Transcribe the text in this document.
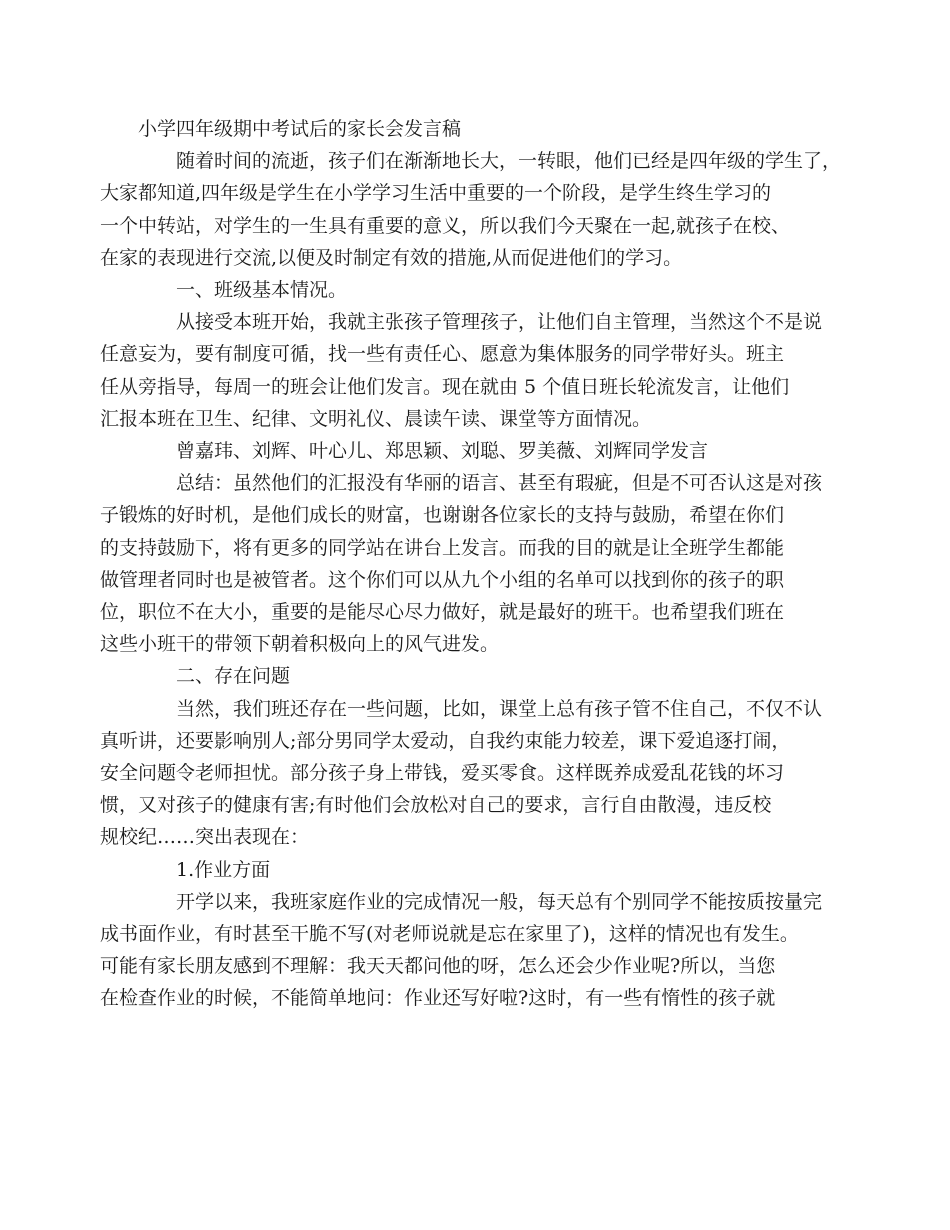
小学四年级期中考试后的家长会发言稿
随着时间的流逝，孩子们在渐渐地长大，一转眼，他们已经是四年级的学生了，
大家都知道,四年级是学生在小学学习生活中重要的一个阶段，是学生终生学习的
一个中转站，对学生的一生具有重要的意义，所以我们今天聚在一起,就孩子在校、
在家的表现进行交流,以便及时制定有效的措施,从而促进他们的学习。
一、班级基本情况。
从接受本班开始，我就主张孩子管理孩子，让他们自主管理，当然这个不是说
任意妄为，要有制度可循，找一些有责任心、愿意为集体服务的同学带好头。班主
任从旁指导，每周一的班会让他们发言。现在就由 5 个值日班长轮流发言，让他们
汇报本班在卫生、纪律、文明礼仪、晨读午读、课堂等方面情况。
曾嘉玮、刘辉、叶心儿、郑思颖、刘聪、罗美薇、刘辉同学发言
总结：虽然他们的汇报没有华丽的语言、甚至有瑕疵，但是不可否认这是对孩
子锻炼的好时机，是他们成长的财富，也谢谢各位家长的支持与鼓励，希望在你们
的支持鼓励下，将有更多的同学站在讲台上发言。而我的目的就是让全班学生都能
做管理者同时也是被管者。这个你们可以从九个小组的名单可以找到你的孩子的职
位，职位不在大小，重要的是能尽心尽力做好，就是最好的班干。也希望我们班在
这些小班干的带领下朝着积极向上的风气进发。
二、存在问题
当然，我们班还存在一些问题，比如，课堂上总有孩子管不住自己，不仅不认
真听讲，还要影响別人;部分男同学太爱动，自我约束能力较差，课下爱追逐打闹，
安全问题令老师担忧。部分孩子身上带钱，爱买零食。这样既养成爱乱花钱的坏习
惯，又对孩子的健康有害;有时他们会放松对自己的要求，言行自由散漫，违反校
规校纪……突出表现在：
1.作业方面
开学以来，我班家庭作业的完成情况一般，每天总有个别同学不能按质按量完
成书面作业，有时甚至干脆不写(对老师说就是忘在家里了)，这样的情况也有发生。
可能有家长朋友感到不理解：我天天都问他的呀，怎么还会少作业呢?所以，当您
在检查作业的时候，不能简单地问：作业还写好啦?这时，有一些有惰性的孩子就
